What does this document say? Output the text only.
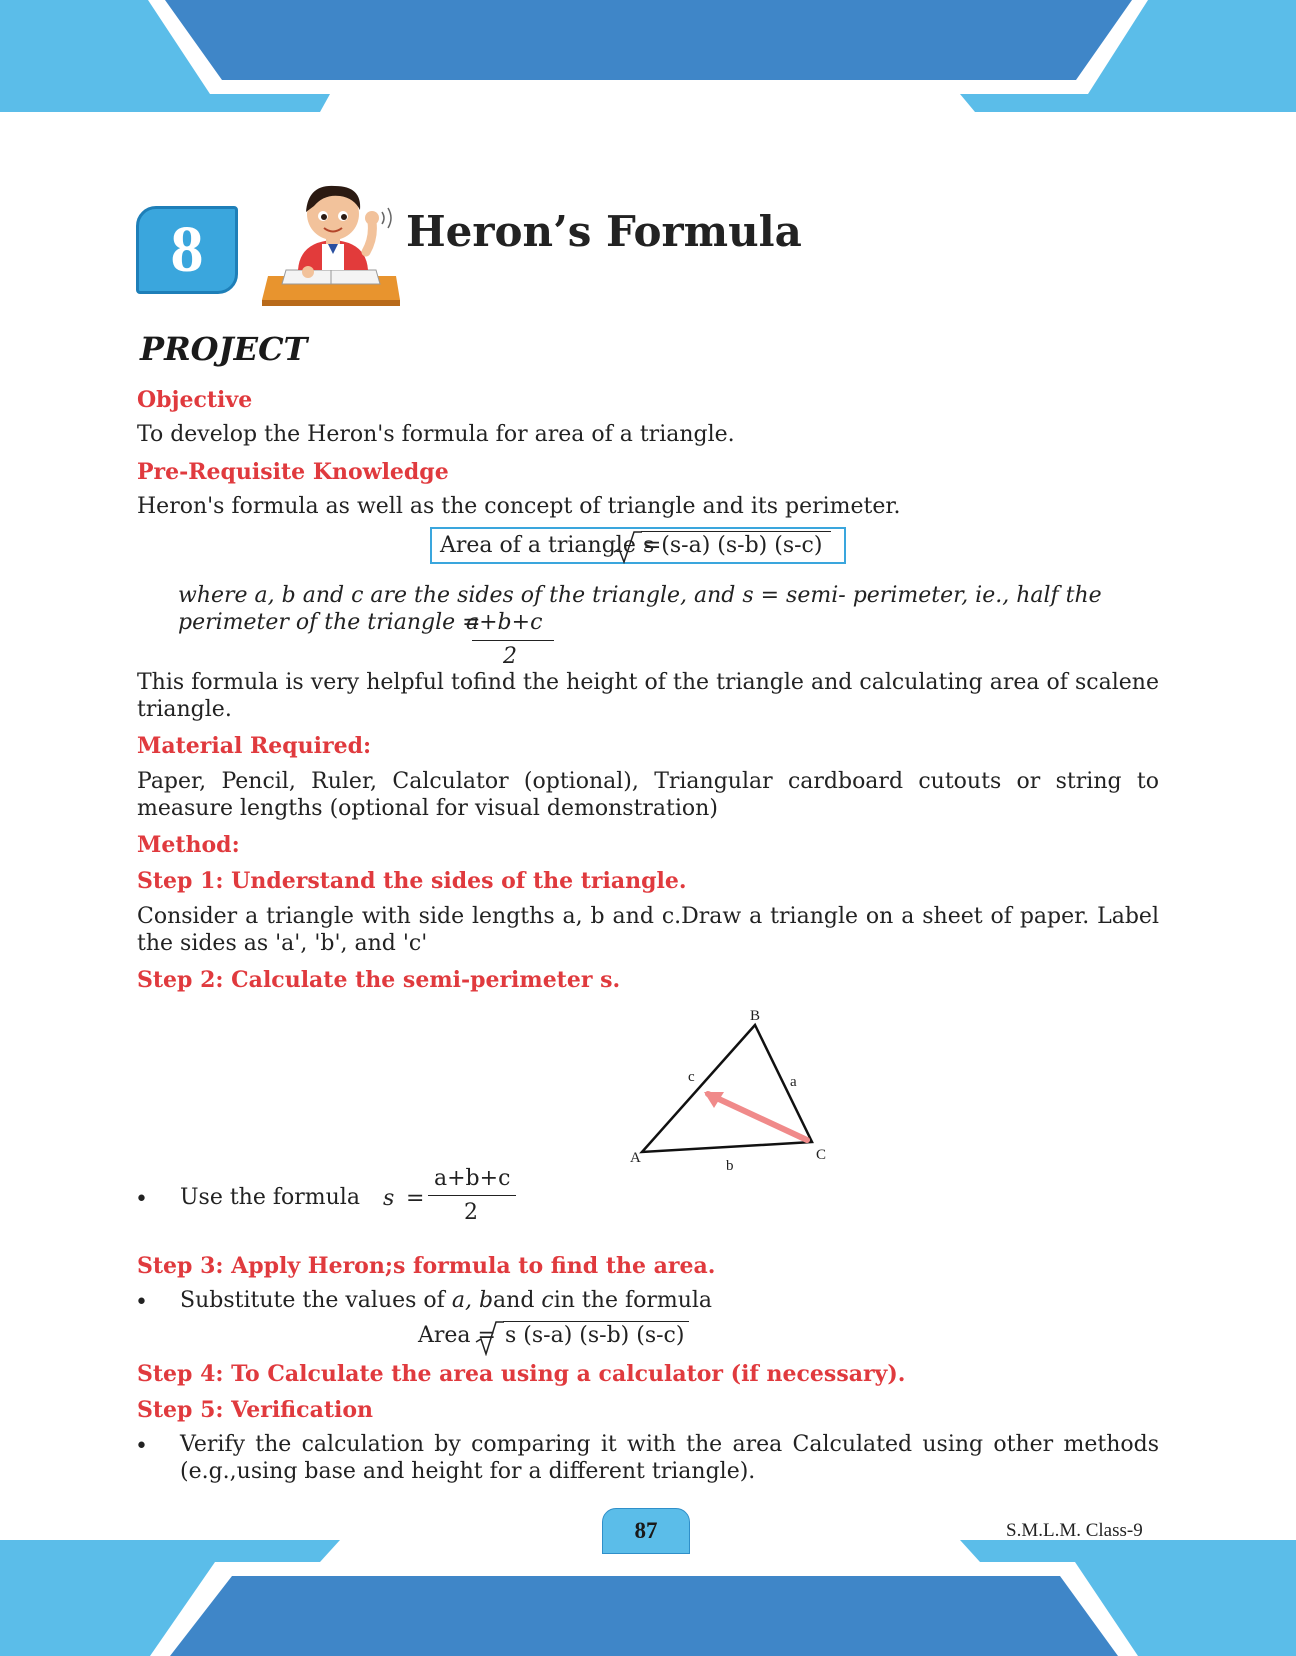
8	Heron’s Formula
PROJECT
Objective
To develop the Heron's formula for area of a triangle.
Pre-Requisite Knowledge
Heron's formula as well as the concept of triangle and its perimeter.
Area of a triangle =
s (s-a) (s-b) (s-c)
where a, b and c are the sides of the triangle, and s = semi- perimeter, ie., half the
perimeter of the triangle =
a+b+c
2
This formula is very helpful tofind the height of the triangle and calculating area of scalene
triangle.
Material Required:
Paper, Pencil, Ruler, Calculator (optional), Triangular cardboard cutouts or string to
measure lengths (optional for visual demonstration)
Method:
Step 1: Understand the sides of the triangle.
Consider a triangle with side lengths a, b and c.Draw a triangle on a sheet of paper. Label
the sides as 'a', 'b', and 'c'
Step 2: Calculate the semi-perimeter s.
A
B
C
a
b
c
• Use the formula s =
a+b+c
2
Step 3: Apply Heron;s formula to find the area.
• Substitute the values of a, band cin the formula
Area = s (s-a) (s-b) (s-c)
Step 4: To Calculate the area using a calculator (if necessary).
Step 5: Verification
• Verify the calculation by comparing it with the area Calculated using other methods
(e.g.,using base and height for a different triangle).
87	S.M.L.M. Class-9
